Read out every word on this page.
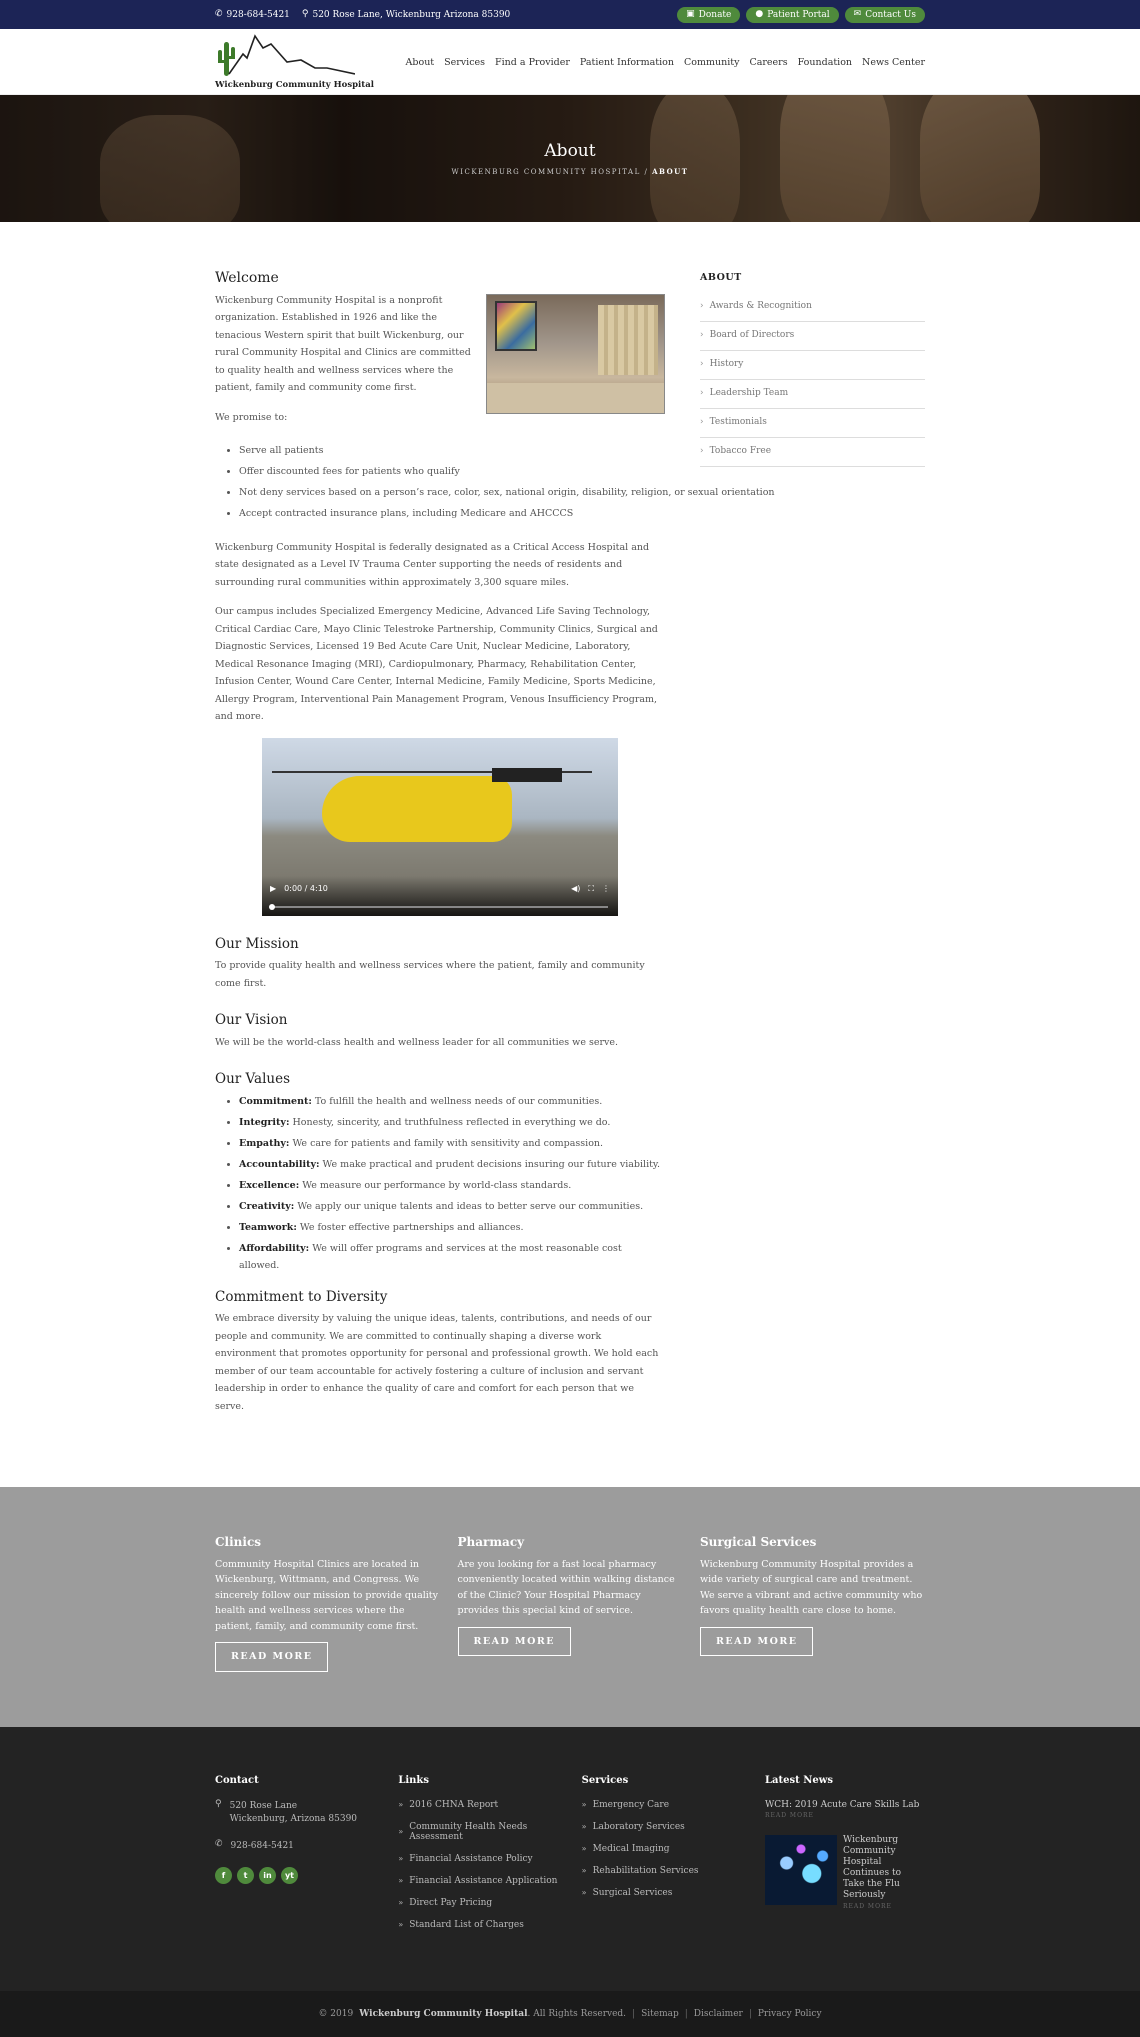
✆ 928-684-5421 ⚲ 520 Rose Lane, Wickenburg Arizona 85390	▣ Donate	● Patient Portal	✉ Contact Us
Wickenburg Community Hospital
About Services Find a Provider Patient Information Community Careers Foundation News Center
About
WICKENBURG COMMUNITY HOSPITAL / ABOUT
Welcome

Wickenburg Community Hospital is a nonprofit organization. Established in 1926 and like the tenacious Western spirit that built Wickenburg, our rural Community Hospital and Clinics are committed to quality health and wellness services where the patient, family and community come first.

We promise to:

• Serve all patients
• Offer discounted fees for patients who qualify
• Not deny services based on a person’s race, color, sex, national origin, disability, religion, or sexual orientation
• Accept contracted insurance plans, including Medicare and AHCCCS

Wickenburg Community Hospital is federally designated as a Critical Access Hospital and state designated as a Level IV Trauma Center supporting the needs of residents and surrounding rural communities within approximately 3,300 square miles.

Our campus includes Specialized Emergency Medicine, Advanced Life Saving Technology, Critical Cardiac Care, Mayo Clinic Telestroke Partnership, Community Clinics, Surgical and Diagnostic Services, Licensed 19 Bed Acute Care Unit, Nuclear Medicine, Laboratory, Medical Resonance Imaging (MRI), Cardiopulmonary, Pharmacy, Rehabilitation Center, Infusion Center, Wound Care Center, Internal Medicine, Family Medicine, Sports Medicine, Allergy Program, Interventional Pain Management Program, Venous Insufficiency Program, and more.

▶ 0:00 / 4:10	◀) ⛶ ⋮
Our Mission

To provide quality health and wellness services where the patient, family and community come first.

Our Vision

We will be the world-class health and wellness leader for all communities we serve.

Our Values
• Commitment: To fulfill the health and wellness needs of our communities.
• Integrity: Honesty, sincerity, and truthfulness reflected in everything we do.
• Empathy: We care for patients and family with sensitivity and compassion.
• Accountability: We make practical and prudent decisions insuring our future viability.
• Excellence: We measure our performance by world-class standards.
• Creativity: We apply our unique talents and ideas to better serve our communities.
• Teamwork: We foster effective partnerships and alliances.
• Affordability: We will offer programs and services at the most reasonable cost allowed.
Commitment to Diversity

We embrace diversity by valuing the unique ideas, talents, contributions, and needs of our people and community. We are committed to continually shaping a diverse work environment that promotes opportunity for personal and professional growth. We hold each member of our team accountable for actively fostering a culture of inclusion and servant leadership in order to enhance the quality of care and comfort for each person that we serve.

ABOUT
› Awards & Recognition
› Board of Directors
› History
› Leadership Team
› Testimonials
› Tobacco Free
Clinics

Community Hospital Clinics are located in Wickenburg, Wittmann, and Congress. We sincerely follow our mission to provide quality health and wellness services where the patient, family, and community come first.

READ MORE
Pharmacy

Are you looking for a fast local pharmacy conveniently located within walking distance of the Clinic? Your Hospital Pharmacy provides this special kind of service.

READ MORE
Surgical Services

Wickenburg Community Hospital provides a wide variety of surgical care and treatment. We serve a vibrant and active community who favors quality health care close to home.

READ MORE
Contact
⚲ 520 Rose Lane
Wickenburg, Arizona 85390
✆ 928-684-5421
f	t	in	yt
Links
» 2016 CHNA Report
» Community Health Needs Assessment
» Financial Assistance Policy
» Financial Assistance Application
» Direct Pay Pricing
» Standard List of Charges
Services
» Emergency Care
» Laboratory Services
» Medical Imaging
» Rehabilitation Services
» Surgical Services
Latest News
WCH: 2019 Acute Care Skills Lab
READ MORE
Wickenburg Community Hospital Continues to Take the Flu Seriously
READ MORE
© 2019 Wickenburg Community Hospital . All Rights Reserved. | Sitemap | Disclaimer | Privacy Policy
